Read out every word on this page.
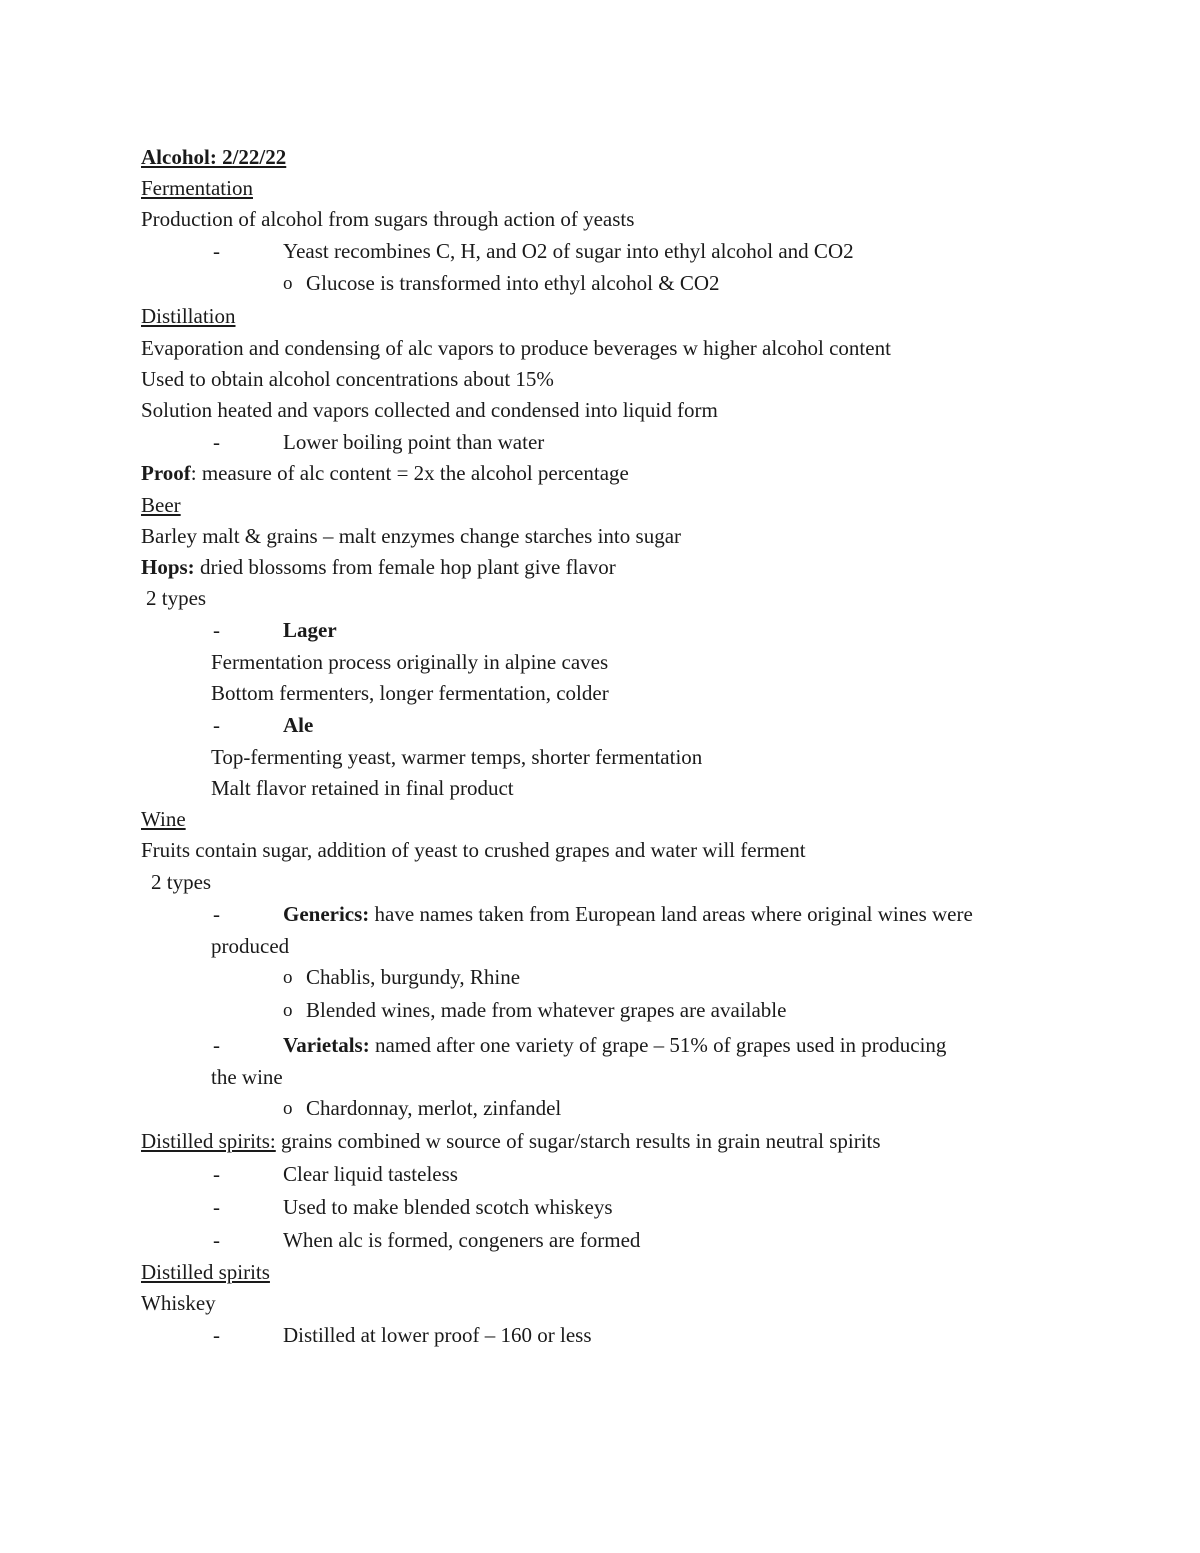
Alcohol: 2/22/22
Fermentation
Production of alcohol from sugars through action of yeasts
-	Yeast recombines C, H, and O2 of sugar into ethyl alcohol and CO2
o Glucose is transformed into ethyl alcohol & CO2
Distillation
Evaporation and condensing of alc vapors to produce beverages w higher alcohol content
Used to obtain alcohol concentrations about 15%
Solution heated and vapors collected and condensed into liquid form
-	Lower boiling point than water
Proof: measure of alc content = 2x the alcohol percentage
Beer
Barley malt & grains – malt enzymes change starches into sugar
Hops: dried blossoms from female hop plant give flavor
2 types
-	Lager
Fermentation process originally in alpine caves
Bottom fermenters, longer fermentation, colder
-	Ale
Top-fermenting yeast, warmer temps, shorter fermentation
Malt flavor retained in final product
Wine
Fruits contain sugar, addition of yeast to crushed grapes and water will ferment
2 types
-	Generics: have names taken from European land areas where original wines were
produced
o Chablis, burgundy, Rhine
o Blended wines, made from whatever grapes are available
-	Varietals: named after one variety of grape – 51% of grapes used in producing
the wine
o Chardonnay, merlot, zinfandel
Distilled spirits: grains combined w source of sugar/starch results in grain neutral spirits
-	Clear liquid tasteless
-	Used to make blended scotch whiskeys
-	When alc is formed, congeners are formed
Distilled spirits
Whiskey
-	Distilled at lower proof – 160 or less
